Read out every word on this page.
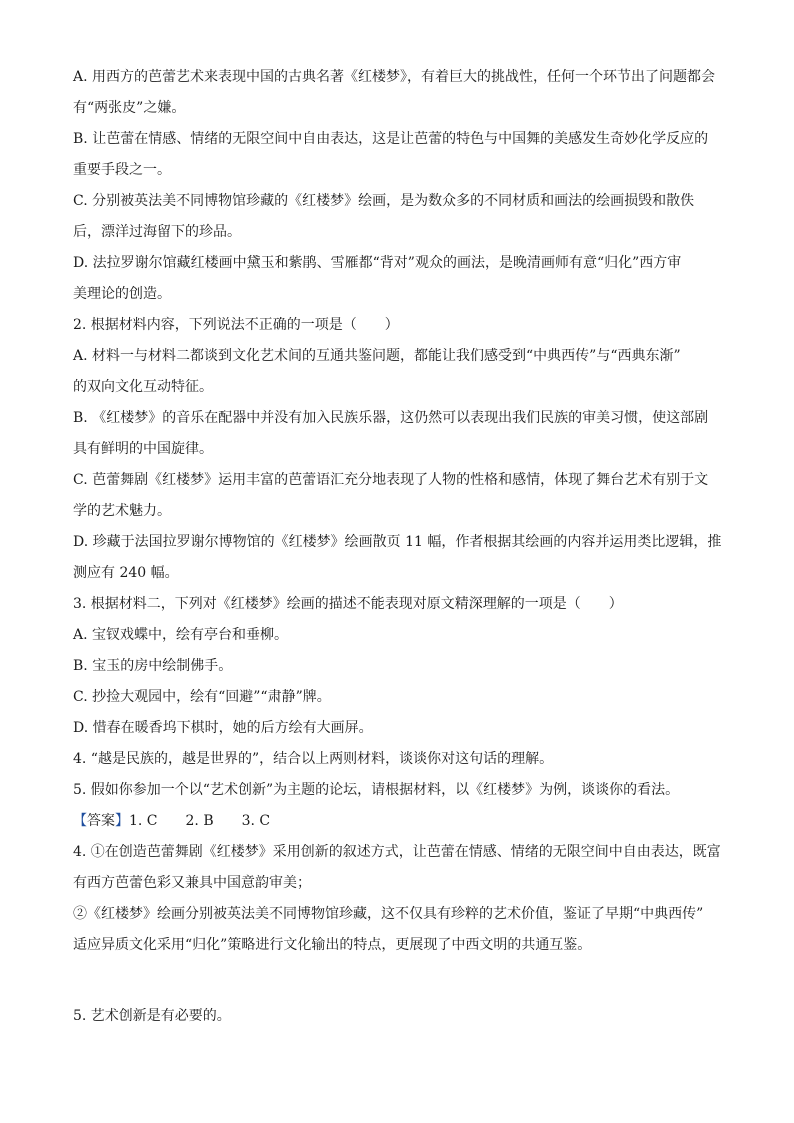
A. 用西方的芭蕾艺术来表现中国的古典名著《红楼梦》，有着巨大的挑战性，任何一个环节出了问题都会
有“两张皮”之嫌。
B. 让芭蕾在情感、情绪的无限空间中自由表达，这是让芭蕾的特色与中国舞的美感发生奇妙化学反应的
重要手段之一。
C. 分别被英法美不同博物馆珍藏的《红楼梦》绘画，是为数众多的不同材质和画法的绘画损毁和散佚
后，漂洋过海留下的珍品。
D. 法拉罗谢尔馆藏红楼画中黛玉和紫鹃、雪雁都“背对”观众的画法，是晚清画师有意“归化”西方审
美理论的创造。
2. 根据材料内容，下列说法不正确的一项是（　　）
A. 材料一与材料二都谈到文化艺术间的互通共鉴问题，都能让我们感受到“中典西传”与“西典东渐”
的双向文化互动特征。
B. 《红楼梦》的音乐在配器中并没有加入民族乐器，这仍然可以表现出我们民族的审美习惯，使这部剧
具有鲜明的中国旋律。
C. 芭蕾舞剧《红楼梦》运用丰富的芭蕾语汇充分地表现了人物的性格和感情，体现了舞台艺术有别于文
学的艺术魅力。
D. 珍藏于法国拉罗谢尔博物馆的《红楼梦》绘画散页 11 幅，作者根据其绘画的内容并运用类比逻辑，推
测应有 240 幅。
3. 根据材料二，下列对《红楼梦》绘画的描述不能表现对原文精深理解的一项是（　　）
A. 宝钗戏蝶中，绘有亭台和垂柳。
B. 宝玉的房中绘制佛手。
C. 抄捡大观园中，绘有“回避”“肃静”牌。
D. 惜春在暖香坞下棋时，她的后方绘有大画屏。
4. “越是民族的，越是世界的”，结合以上两则材料，谈谈你对这句话的理解。
5. 假如你参加一个以“艺术创新”为主题的论坛，请根据材料，以《红楼梦》为例，谈谈你的看法。
【答案】1. C　　2. B　　3. C
4. ①在创造芭蕾舞剧《红楼梦》采用创新的叙述方式，让芭蕾在情感、情绪的无限空间中自由表达，既富
有西方芭蕾色彩又兼具中国意韵审美；
②《红楼梦》绘画分别被英法美不同博物馆珍藏，这不仅具有珍粹的艺术价值，鉴证了早期“中典西传”
适应异质文化采用“归化”策略进行文化输出的特点，更展现了中西文明的共通互鉴。
5. 艺术创新是有必要的。
